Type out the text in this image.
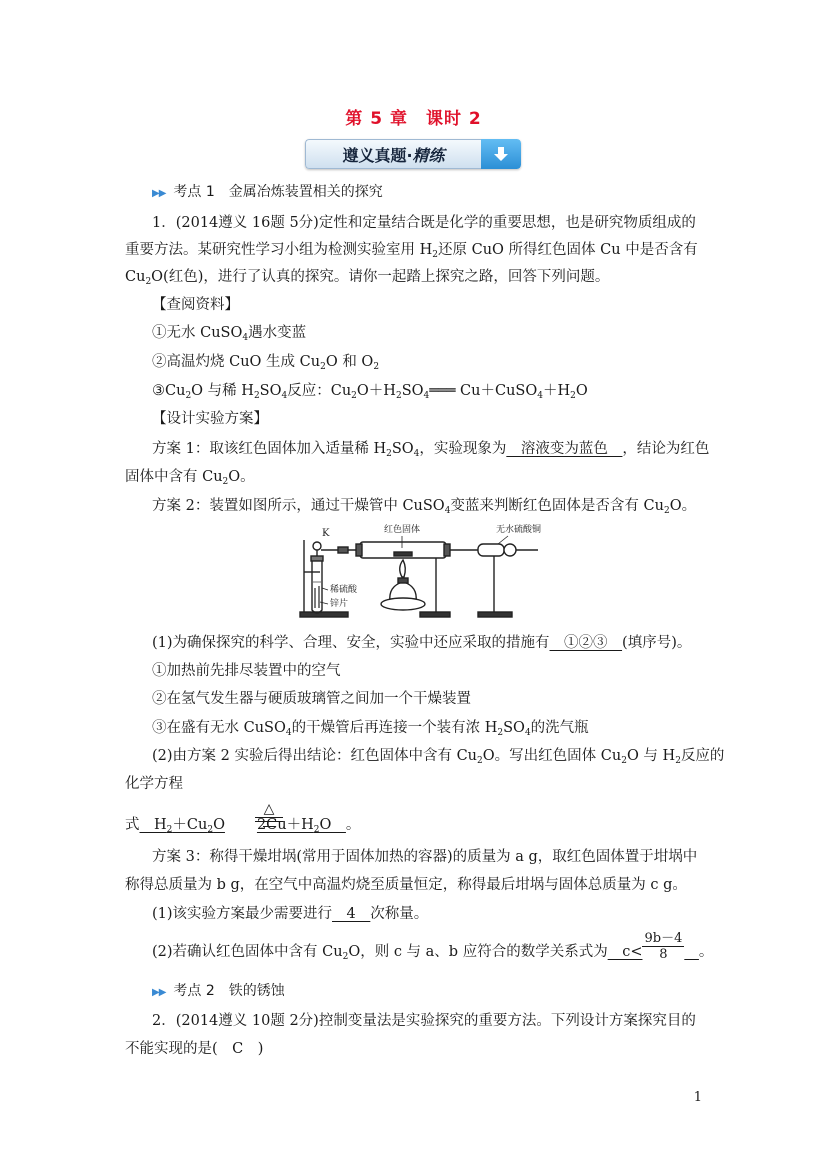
第 5 章　课时 2
遵义真题· 精练
▶▶ 考点 1　金属冶炼装置相关的探究
1．(2014遵义 16题 5分)定性和定量结合既是化学的重要思想，也是研究物质组成的
重要方法。某研究性学习小组为检测实验室用 $H_2$还原 CuO 所得红色固体 Cu 中是否含有
$Cu_2O$(红色)，进行了认真的探究。请你一起踏上探究之路，回答下列问题。
【查阅资料】
①无水 CuSO$_4$遇水变蓝
②高温灼烧 CuO 生成 $Cu_2O$ 和 $O_2$
$③Cu_2O$ 与稀 $H_2SO_4$反应：$Cu_2O+H_2SO_4═══$ $Cu+CuSO_4+H_2O$
【设计实验方案】
方案 1：取该红色固体加入适量稀 $H_2SO_4$，实验现象为__溶液变为蓝色__，结论为红色
固体中含有 $Cu_2O$。
方案 2：装置如图所示，通过干燥管中 CuSO$_4$变蓝来判断红色固体是否含有 $Cu_2O$。
K	红色固体	无水硫酸铜
稀硫酸
锌片
(1)为确保探究的科学、合理、安全，实验中还应采取的措施有__①②③__(填序号)。
①加热前先排尽装置中的空气
②在氢气发生器与硬质玻璃管之间加一个干燥装置
③在盛有无水 CuSO$_4$的干燥管后再连接一个装有浓 $H_2SO_4$的洗气瓶
(2)由方案 2 实验后得出结论：红色固体中含有 $Cu_2O$。写出红色固体 $Cu_2O$ 与 $H_2$反应的
化学方程
式$\_\_H_2+Cu_2O$ $2Cu+H_2O\_\_$。
△
方案 3：称得干燥坩埚(常用于固体加热的容器)的质量为 a g，取红色固体置于坩埚中
称得总质量为 b g，在空气中高温灼烧至质量恒定，称得最后坩埚与固体总质量为 c g。
(1)该实验方案最少需要进行__4__次称量。
(2)若确认红色固体中含有 $Cu_2O$，则 c 与 a、b 应符合的数学关系式为__c< $\frac{9b-4}{8}$ __。
▶▶ 考点 2　铁的锈蚀
2．(2014遵义 10题 2分)控制变量法是实验探究的重要方法。下列设计方案探究目的
不能实现的是(　C　)
1
